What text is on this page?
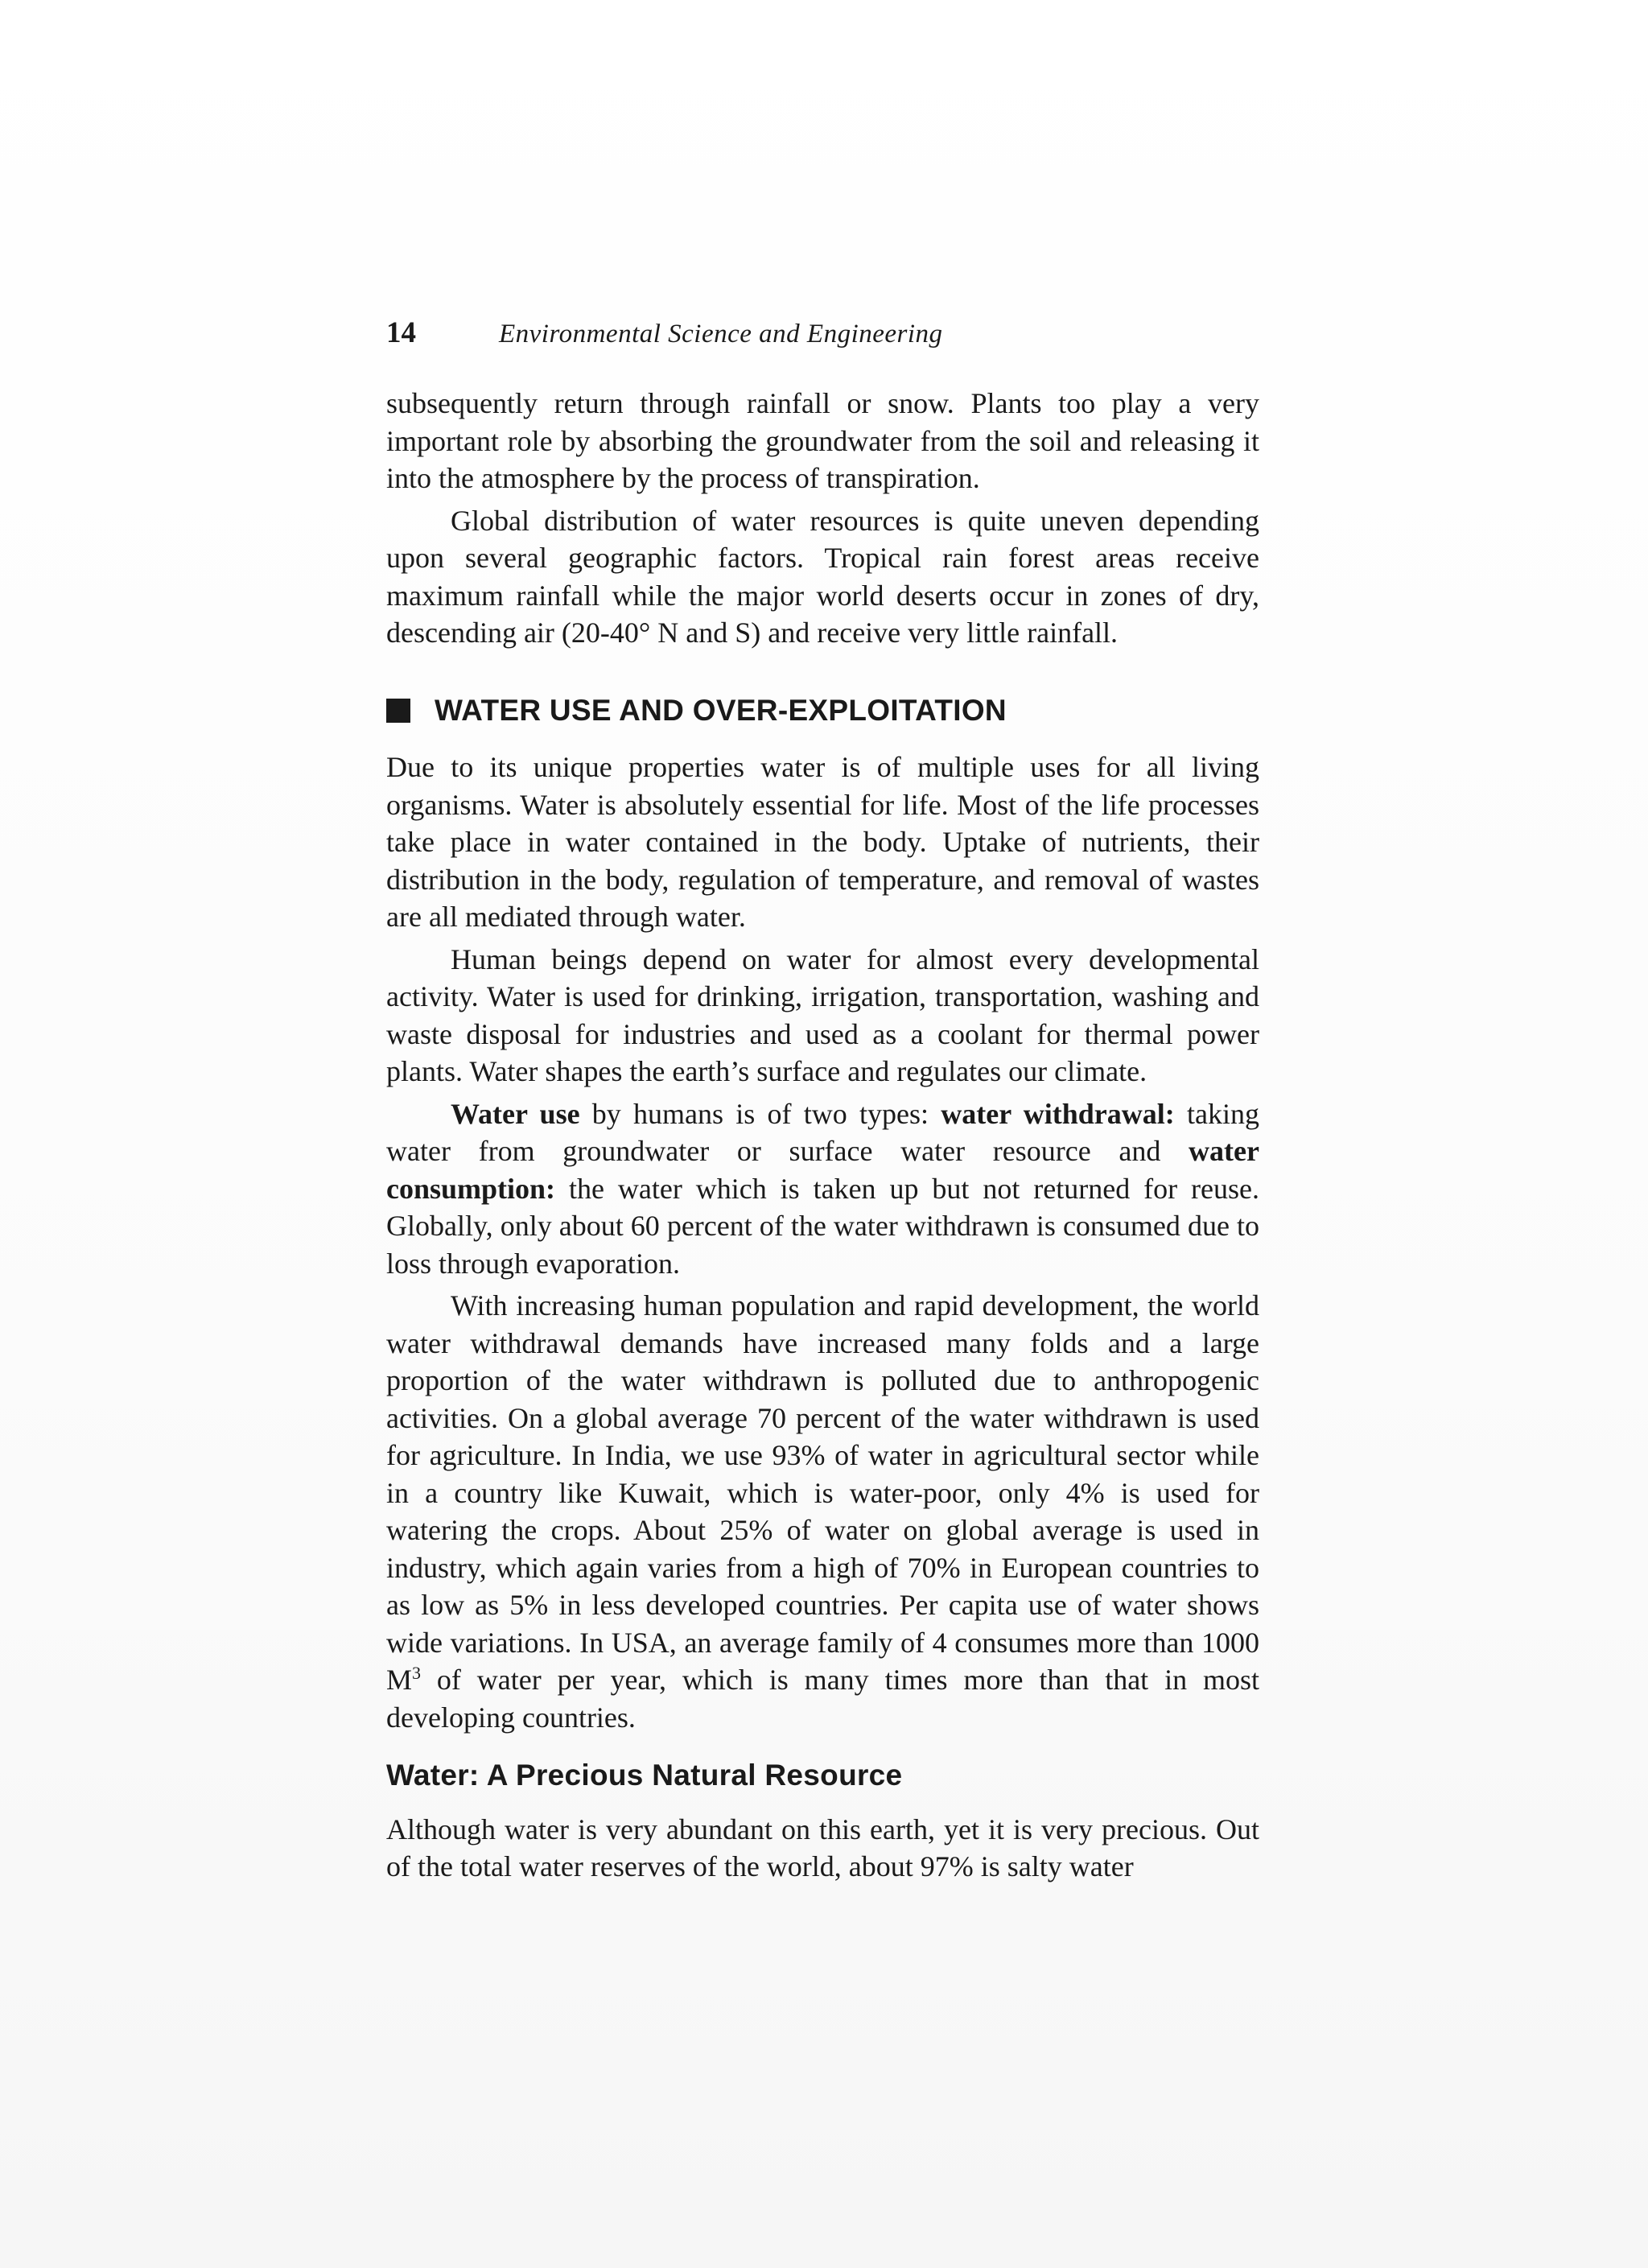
14	Environmental Science and Engineering

subsequently return through rainfall or snow. Plants too play a very important role by absorbing the groundwater from the soil and releasing it into the atmosphere by the process of transpiration.

Global distribution of water resources is quite uneven depending upon several geographic factors. Tropical rain forest areas receive maximum rainfall while the major world deserts occur in zones of dry, descending air (20-40° N and S) and receive very little rainfall.

WATER USE AND OVER-EXPLOITATION

Due to its unique properties water is of multiple uses for all living organisms. Water is absolutely essential for life. Most of the life processes take place in water contained in the body. Uptake of nutrients, their distribution in the body, regulation of temperature, and removal of wastes are all mediated through water.

Human beings depend on water for almost every developmental activity. Water is used for drinking, irrigation, transportation, washing and waste disposal for industries and used as a coolant for thermal power plants. Water shapes the earth’s surface and regulates our climate.

Water use by humans is of two types: water withdrawal: taking water from groundwater or surface water resource and water consumption: the water which is taken up but not returned for reuse. Globally, only about 60 percent of the water withdrawn is consumed due to loss through evaporation.

With increasing human population and rapid development, the world water withdrawal demands have increased many folds and a large proportion of the water withdrawn is polluted due to anthropogenic activities. On a global average 70 percent of the water withdrawn is used for agriculture. In India, we use 93% of water in agricultural sector while in a country like Kuwait, which is water-poor, only 4% is used for watering the crops. About 25% of water on global average is used in industry, which again varies from a high of 70% in European countries to as low as 5% in less developed countries. Per capita use of water shows wide variations. In USA, an average family of 4 consumes more than 1000 $M^3$ of water per year, which is many times more than that in most developing countries.

Water: A Precious Natural Resource

Although water is very abundant on this earth, yet it is very precious. Out of the total water reserves of the world, about 97% is salty water
